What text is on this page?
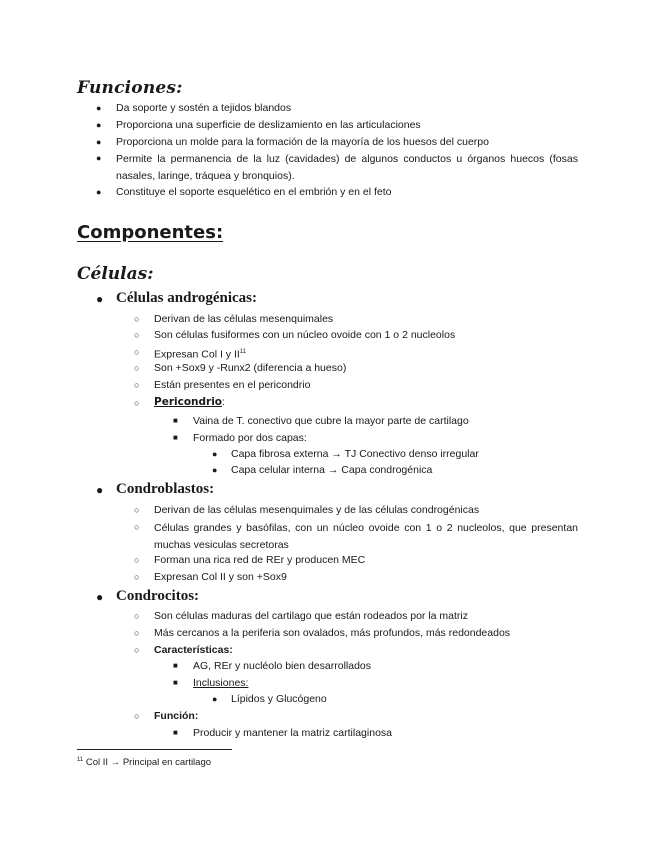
Funciones:
● Da soporte y sostén a tejidos blandos
● Proporciona una superficie de deslizamiento en las articulaciones
● Proporciona un molde para la formación de la mayoría de los huesos del cuerpo
● Permite la permanencia de la luz (cavidades) de algunos conductos u órganos huecos (fosas nasales, laringe, tráquea y bronquios).
● Constituye el soporte esquelético en el embrión y en el feto
Componentes:
Células:
● Células androgénicas:
○ Derivan de las células mesenquimales
○ Son células fusiformes con un núcleo ovoide con 1 o 2 nucleolos
○ Expresan Col I y II$^{11}$
○ Son +Sox9 y -Runx2 (diferencia a hueso)
○ Están presentes en el pericondrio
○ Pericondrio:
■ Vaina de T. conectivo que cubre la mayor parte de cartilago
■ Formado por dos capas:
● Capa fibrosa externa → TJ Conectivo denso irregular
● Capa celular interna → Capa condrogénica
● Condroblastos:
○ Derivan de las células mesenquimales y de las células condrogénicas
○ Células grandes y basófilas, con un núcleo ovoide con 1 o 2 nucleolos, que presentan muchas vesiculas secretoras
○ Forman una rica red de REr y producen MEC
○ Expresan Col II y son +Sox9
● Condrocitos:
○ Son células maduras del cartilago que están rodeados por la matriz
○ Más cercanos a la periferia son ovalados, más profundos, más redondeados
○ Características:
■ AG, REr y nucléolo bien desarrollados
■ Inclusiones:
● Lípidos y Glucógeno
○ Función:
■ Producir y mantener la matriz cartilaginosa
$^{11}$ Col II → Principal en cartilago
